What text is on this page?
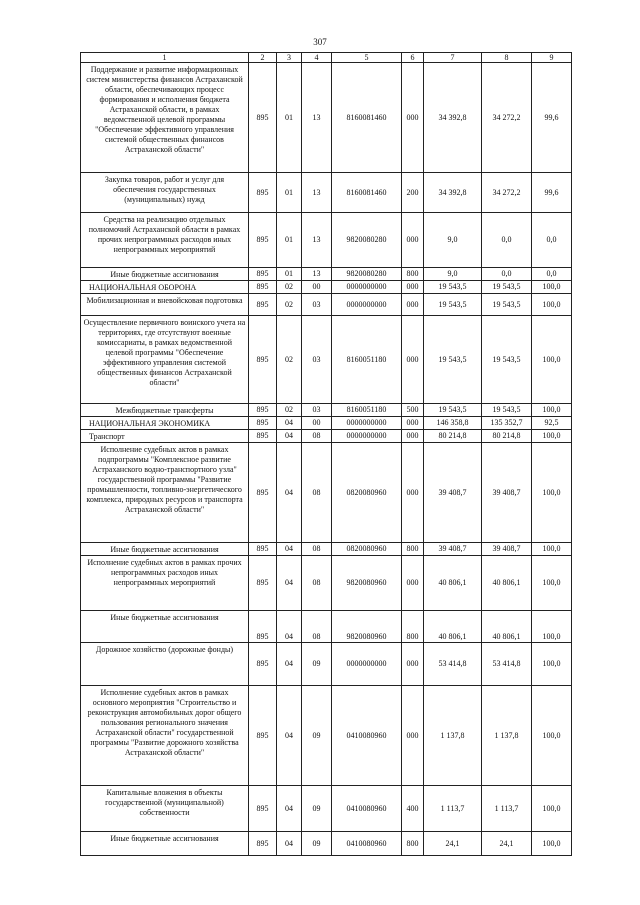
307
1	2	3	4	5	6	7	8	9
Поддержание и развитие информационных систем министерства финансов Астраханской области, обеспечивающих процесс формирования и исполнения бюджета Астраханской области, в рамках ведомственной целевой программы "Обеспечение эффективного управления системой общественных финансов Астраханской области"	895	01	13	8160081460	000	34 392,8	34 272,2	99,6
Закупка товаров, работ и услуг для обеспечения государственных (муниципальных) нужд	895	01	13	8160081460	200	34 392,8	34 272,2	99,6
Средства на реализацию отдельных полномочий Астраханской области в рамках прочих непрограммных расходов иных непрограммных мероприятий	895	01	13	9820080280	000	9,0	0,0	0,0
Иные бюджетные ассигнования	895	01	13	9820080280	800	9,0	0,0	0,0
НАЦИОНАЛЬНАЯ ОБОРОНА	895	02	00	0000000000	000	19 543,5	19 543,5	100,0
Мобилизационная и вневойсковая подготовка	895	02	03	0000000000	000	19 543,5	19 543,5	100,0
Осуществление первичного воинского учета на территориях, где отсутствуют военные комиссариаты, в рамках ведомственной целевой программы "Обеспечение эффективного управления системой общественных финансов Астраханской области"	895	02	03	8160051180	000	19 543,5	19 543,5	100,0
Межбюджетные трансферты	895	02	03	8160051180	500	19 543,5	19 543,5	100,0
НАЦИОНАЛЬНАЯ ЭКОНОМИКА	895	04	00	0000000000	000	146 358,8	135 352,7	92,5
Транспорт	895	04	08	0000000000	000	80 214,8	80 214,8	100,0
Исполнение судебных актов в рамках подпрограммы "Комплексное развитие Астраханского водно-транспортного узла" государственной программы "Развитие промышленности, топливно-энергетического комплекса, природных ресурсов и транспорта Астраханской области"	895	04	08	0820080960	000	39 408,7	39 408,7	100,0
Иные бюджетные ассигнования	895	04	08	0820080960	800	39 408,7	39 408,7	100,0
Исполнение судебных актов в рамках прочих непрограммных расходов иных непрограммных мероприятий	895	04	08	9820080960	000	40 806,1	40 806,1	100,0
Иные бюджетные ассигнования	895	04	08	9820080960	800	40 806,1	40 806,1	100,0
Дорожное хозяйство (дорожные фонды)	895	04	09	0000000000	000	53 414,8	53 414,8	100,0
Исполнение судебных актов в рамках основного мероприятия "Строительство и реконструкция автомобильных дорог общего пользования регионального значения Астраханской области" государственной программы "Развитие дорожного хозяйства Астраханской области"	895	04	09	0410080960	000	1 137,8	1 137,8	100,0
Капитальные вложения в объекты государственной (муниципальной) собственности	895	04	09	0410080960	400	1 113,7	1 113,7	100,0
Иные бюджетные ассигнования	895	04	09	0410080960	800	24,1	24,1	100,0
